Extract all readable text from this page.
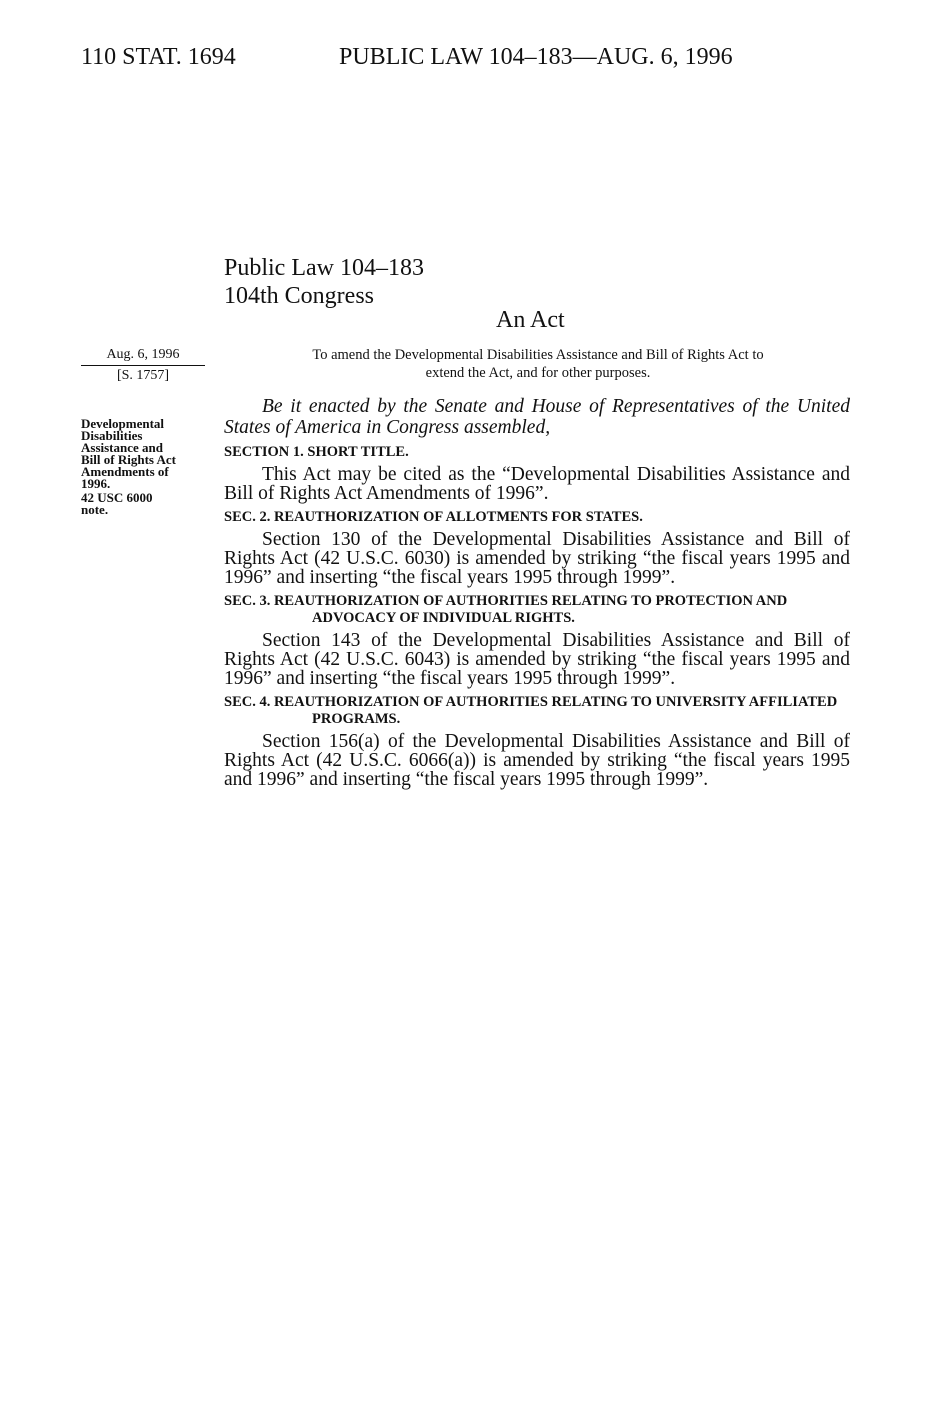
110 STAT. 1694	PUBLIC LAW 104–183—AUG. 6, 1996
Public Law 104–183
104th Congress
An Act
Aug. 6, 1996
[S. 1757]
Developmental
Disabilities
Assistance and
Bill of Rights Act
Amendments of
1996.
42 USC 6000
note.
To amend the Developmental Disabilities Assistance and Bill of Rights Act to
extend the Act, and for other purposes.

Be it enacted by the Senate and House of Representatives of the United States of America in Congress assembled,

SECTION 1. SHORT TITLE.

This Act may be cited as the “Developmental Disabilities Assistance and Bill of Rights Act Amendments of 1996”.

SEC. 2. REAUTHORIZATION OF ALLOTMENTS FOR STATES.

Section 130 of the Developmental Disabilities Assistance and Bill of Rights Act (42 U.S.C. 6030) is amended by striking “the fiscal years 1995 and 1996” and inserting “the fiscal years 1995 through 1999”.

SEC. 3. REAUTHORIZATION OF AUTHORITIES RELATING TO PROTECTION AND ADVOCACY OF INDIVIDUAL RIGHTS.

Section 143 of the Developmental Disabilities Assistance and Bill of Rights Act (42 U.S.C. 6043) is amended by striking “the fiscal years 1995 and 1996” and inserting “the fiscal years 1995 through 1999”.

SEC. 4. REAUTHORIZATION OF AUTHORITIES RELATING TO UNIVERSITY AFFILIATED PROGRAMS.

Section 156(a) of the Developmental Disabilities Assistance and Bill of Rights Act (42 U.S.C. 6066(a)) is amended by striking “the fiscal years 1995 and 1996” and inserting “the fiscal years 1995 through 1999”.
